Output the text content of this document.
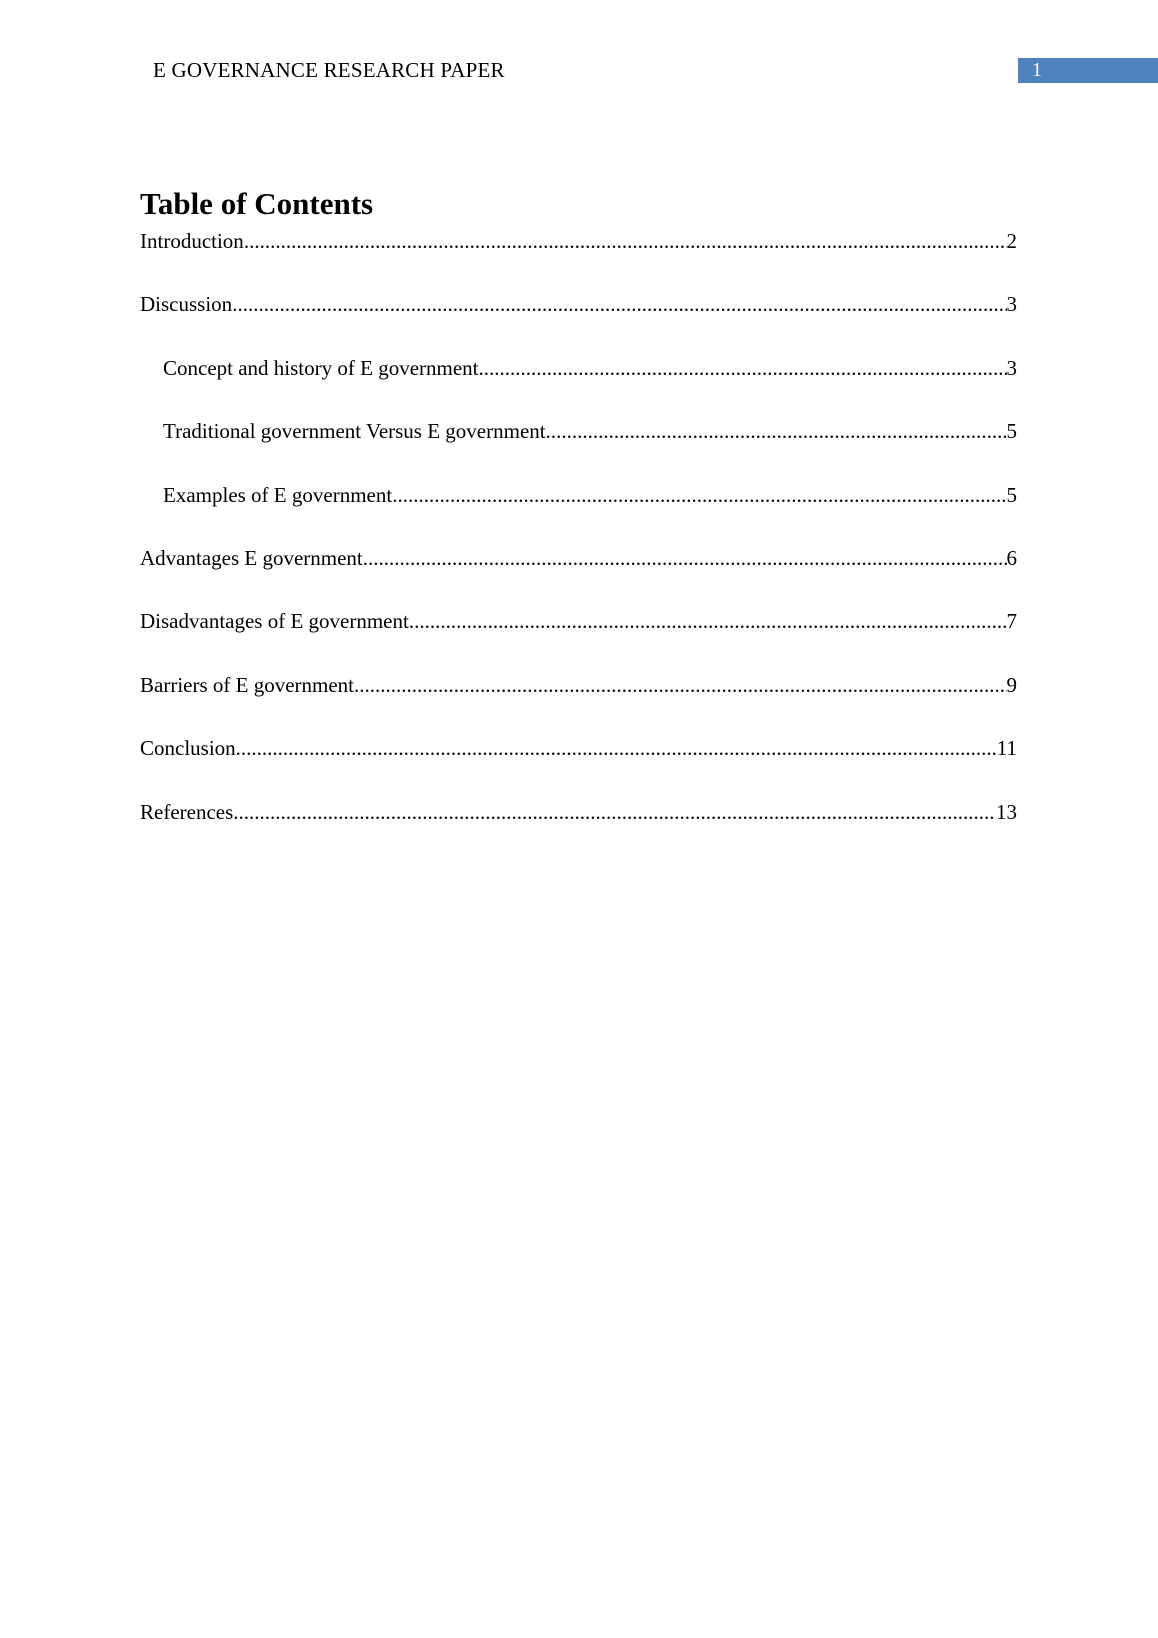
E GOVERNANCE RESEARCH PAPER	1
Table of Contents
Introduction .....	2
Discussion .....	3
Concept and history of E government .....	3
Traditional government Versus E government .....	5
Examples of E government .....	5
Advantages E government .....	6
Disadvantages of E government .....	7
Barriers of E government .....	9
Conclusion .....	11
References .....	13
